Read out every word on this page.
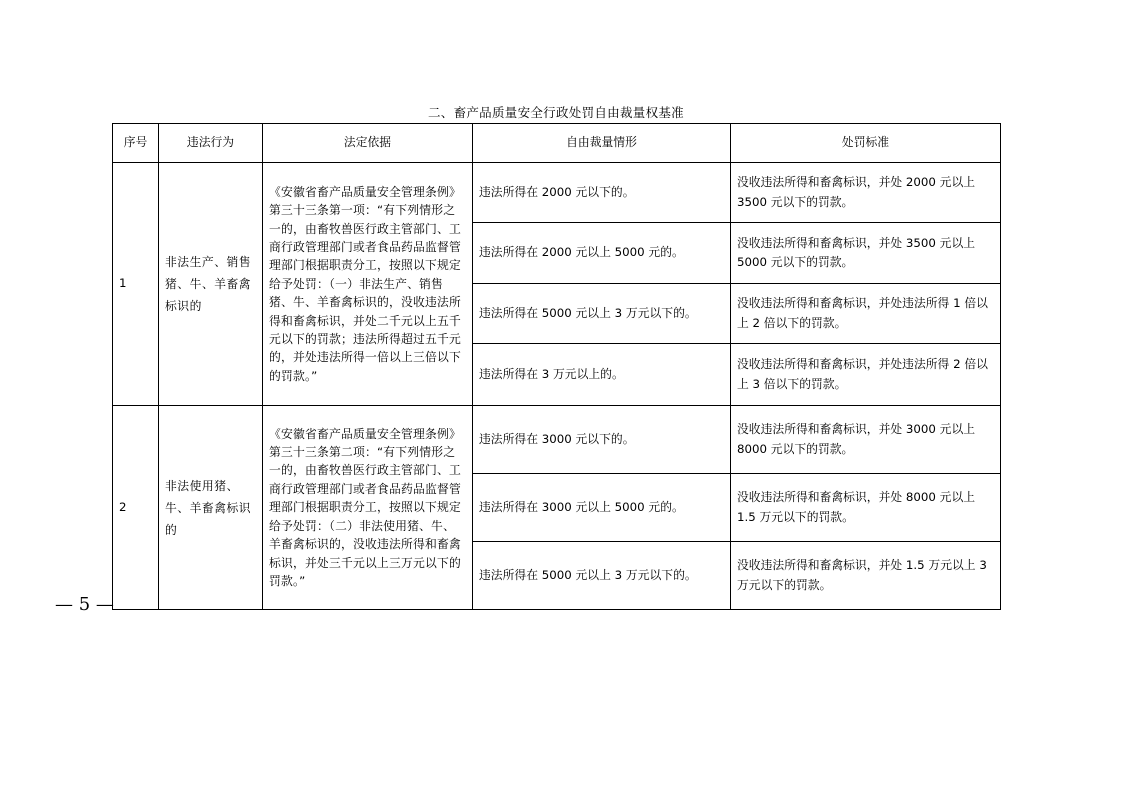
二、畜产品质量安全行政处罚自由裁量权基准
序号	违法行为	法定依据	自由裁量情形	处罚标准
1	非法生产、销售猪、牛、羊畜禽标识的	《安徽省畜产品质量安全管理条例》第三十三条第一项：“有下列情形之一的，由畜牧兽医行政主管部门、工商行政管理部门或者食品药品监督管理部门根据职责分工，按照以下规定给予处罚：（一）非法生产、销售猪、牛、羊畜禽标识的，没收违法所得和畜禽标识，并处二千元以上五千元以下的罚款；违法所得超过五千元的，并处违法所得一倍以上三倍以下的罚款。”	违法所得在 2000 元以下的。	没收违法所得和畜禽标识，并处 2000 元以上 3500 元以下的罚款。
			违法所得在 2000 元以上 5000 元的。	没收违法所得和畜禽标识，并处 3500 元以上 5000 元以下的罚款。
			违法所得在 5000 元以上 3 万元以下的。	没收违法所得和畜禽标识，并处违法所得 1 倍以上 2 倍以下的罚款。
			违法所得在 3 万元以上的。	没收违法所得和畜禽标识，并处违法所得 2 倍以上 3 倍以下的罚款。
2	非法使用猪、牛、羊畜禽标识的	《安徽省畜产品质量安全管理条例》第三十三条第二项：“有下列情形之一的，由畜牧兽医行政主管部门、工商行政管理部门或者食品药品监督管理部门根据职责分工，按照以下规定给予处罚：（二）非法使用猪、牛、羊畜禽标识的，没收违法所得和畜禽标识，并处三千元以上三万元以下的罚款。”	违法所得在 3000 元以下的。	没收违法所得和畜禽标识，并处 3000 元以上 8000 元以下的罚款。
			违法所得在 3000 元以上 5000 元的。	没收违法所得和畜禽标识，并处 8000 元以上 1.5 万元以下的罚款。
			违法所得在 5000 元以上 3 万元以下的。	没收违法所得和畜禽标识，并处 1.5 万元以上 3 万元以下的罚款。
— 5 —
